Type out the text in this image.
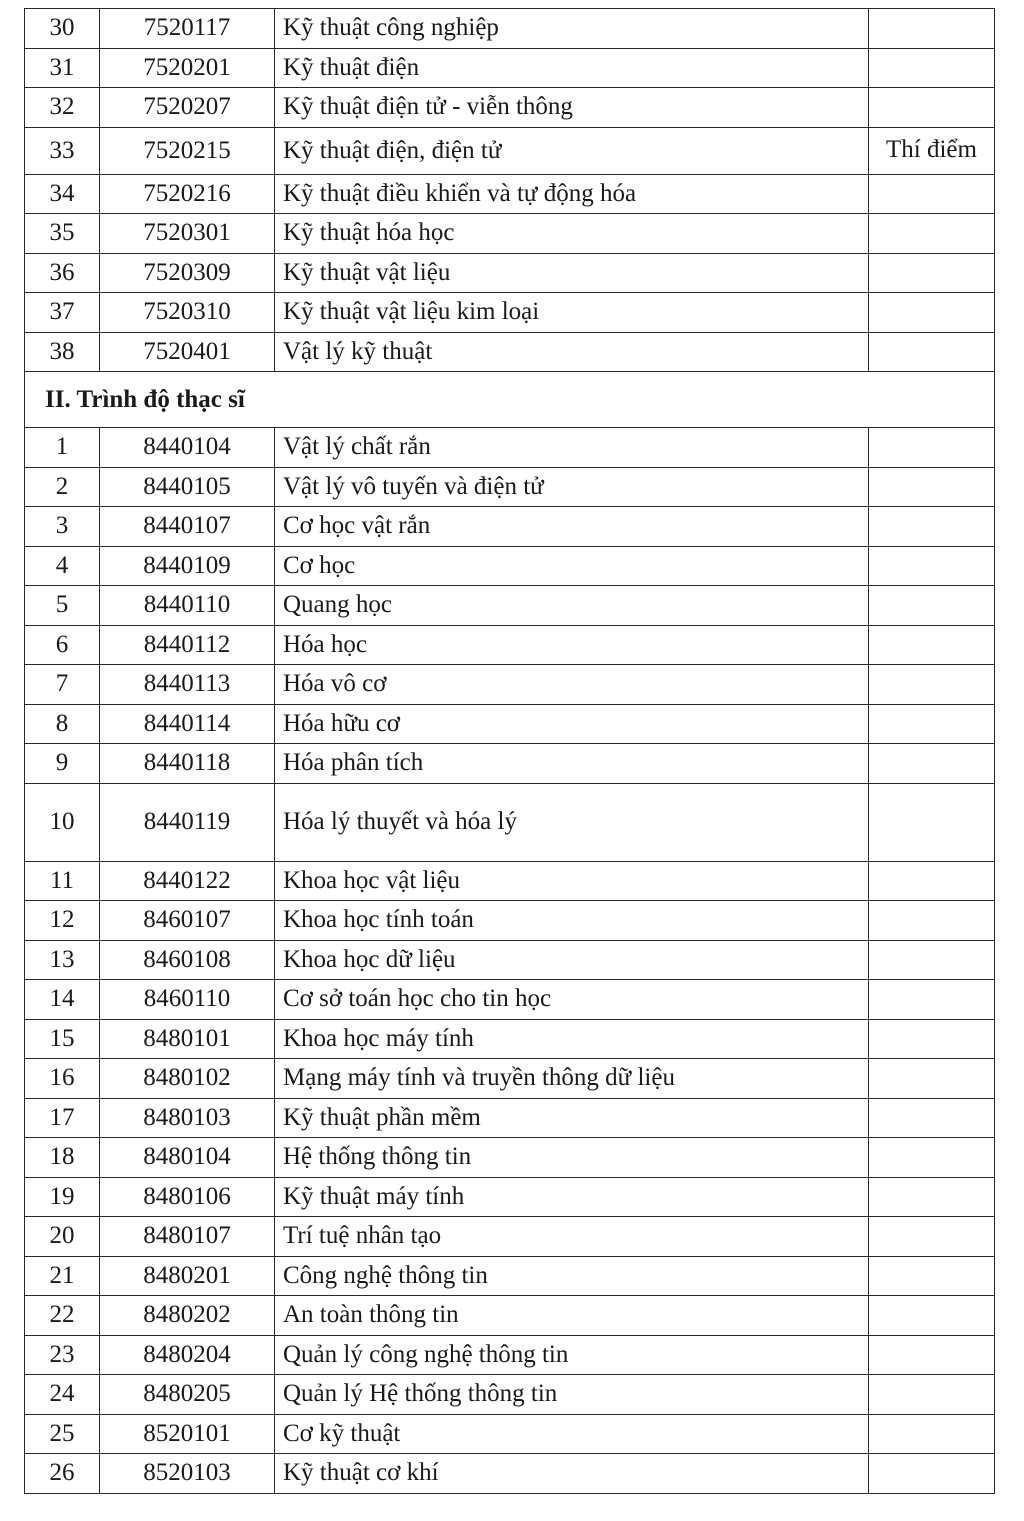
30	7520117	Kỹ thuật công nghiệp	
31	7520201	Kỹ thuật điện	
32	7520207	Kỹ thuật điện tử - viễn thông	
33	7520215	Kỹ thuật điện, điện tử	Thí điểm
34	7520216	Kỹ thuật điều khiển và tự động hóa	
35	7520301	Kỹ thuật hóa học	
36	7520309	Kỹ thuật vật liệu	
37	7520310	Kỹ thuật vật liệu kim loại	
38	7520401	Vật lý kỹ thuật	
II. Trình độ thạc sĩ			
1	8440104	Vật lý chất rắn	
2	8440105	Vật lý vô tuyến và điện tử	
3	8440107	Cơ học vật rắn	
4	8440109	Cơ học	
5	8440110	Quang học	
6	8440112	Hóa học	
7	8440113	Hóa vô cơ	
8	8440114	Hóa hữu cơ	
9	8440118	Hóa phân tích	
10	8440119	Hóa lý thuyết và hóa lý	
11	8440122	Khoa học vật liệu	
12	8460107	Khoa học tính toán	
13	8460108	Khoa học dữ liệu	
14	8460110	Cơ sở toán học cho tin học	
15	8480101	Khoa học máy tính	
16	8480102	Mạng máy tính và truyền thông dữ liệu	
17	8480103	Kỹ thuật phần mềm	
18	8480104	Hệ thống thông tin	
19	8480106	Kỹ thuật máy tính	
20	8480107	Trí tuệ nhân tạo	
21	8480201	Công nghệ thông tin	
22	8480202	An toàn thông tin	
23	8480204	Quản lý công nghệ thông tin	
24	8480205	Quản lý Hệ thống thông tin	
25	8520101	Cơ kỹ thuật	
26	8520103	Kỹ thuật cơ khí	
